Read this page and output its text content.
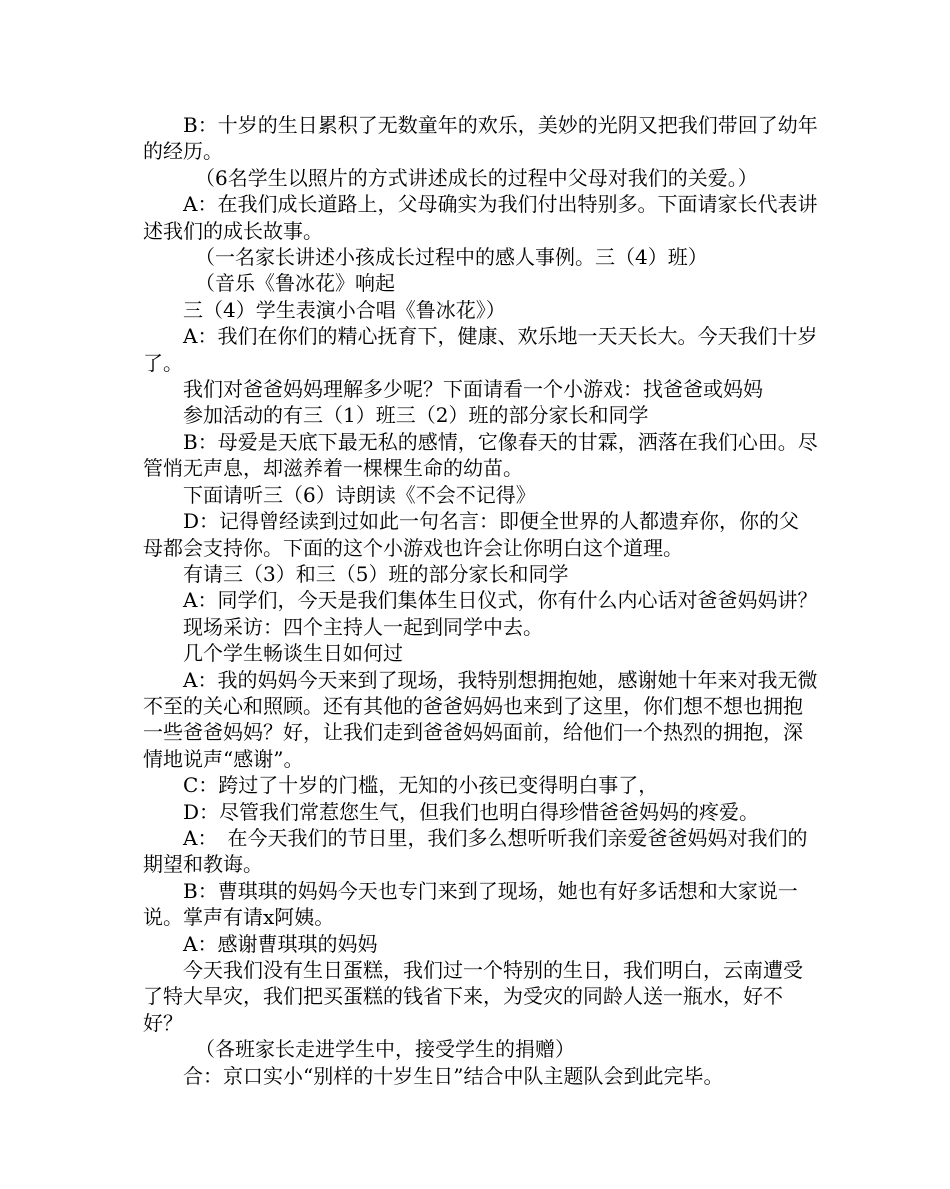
B：十岁的生日累积了无数童年的欢乐，美妙的光阴又把我们带回了幼年的经历。

（6名学生以照片的方式讲述成长的过程中父母对我们的关爱。）

A：在我们成长道路上，父母确实为我们付出特别多。下面请家长代表讲述我们的成长故事。

（一名家长讲述小孩成长过程中的感人事例。三（4）班）

（音乐《鲁冰花》响起

三（4）学生表演小合唱《鲁冰花》）

A：我们在你们的精心抚育下，健康、欢乐地一天天长大。今天我们十岁了。

我们对爸爸妈妈理解多少呢？下面请看一个小游戏：找爸爸或妈妈

参加活动的有三（1）班三（2）班的部分家长和同学

B：母爱是天底下最无私的感情，它像春天的甘霖，洒落在我们心田。尽管悄无声息，却滋养着一棵棵生命的幼苗。

下面请听三（6）诗朗读《不会不记得》

D：记得曾经读到过如此一句名言：即便全世界的人都遗弃你，你的父母都会支持你。下面的这个小游戏也许会让你明白这个道理。

有请三（3）和三（5）班的部分家长和同学

A：同学们，今天是我们集体生日仪式，你有什么内心话对爸爸妈妈讲？

现场采访：四个主持人一起到同学中去。

几个学生畅谈生日如何过

A：我的妈妈今天来到了现场，我特别想拥抱她，感谢她十年来对我无微不至的关心和照顾。还有其他的爸爸妈妈也来到了这里，你们想不想也拥抱一些爸爸妈妈？好，让我们走到爸爸妈妈面前，给他们一个热烈的拥抱，深情地说声“感谢”。

C：跨过了十岁的门槛，无知的小孩已变得明白事了，

D：尽管我们常惹您生气，但我们也明白得珍惜爸爸妈妈的疼爱。

A：　在今天我们的节日里，我们多么想听听我们亲爱爸爸妈妈对我们的期望和教诲。

B：曹琪琪的妈妈今天也专门来到了现场，她也有好多话想和大家说一说。掌声有请x阿姨。

A：感谢曹琪琪的妈妈

今天我们没有生日蛋糕，我们过一个特别的生日，我们明白，云南遭受了特大旱灾，我们把买蛋糕的钱省下来，为受灾的同龄人送一瓶水，好不好？

（各班家长走进学生中，接受学生的捐赠）

合：京口实小“别样的十岁生日”结合中队主题队会到此完毕。
